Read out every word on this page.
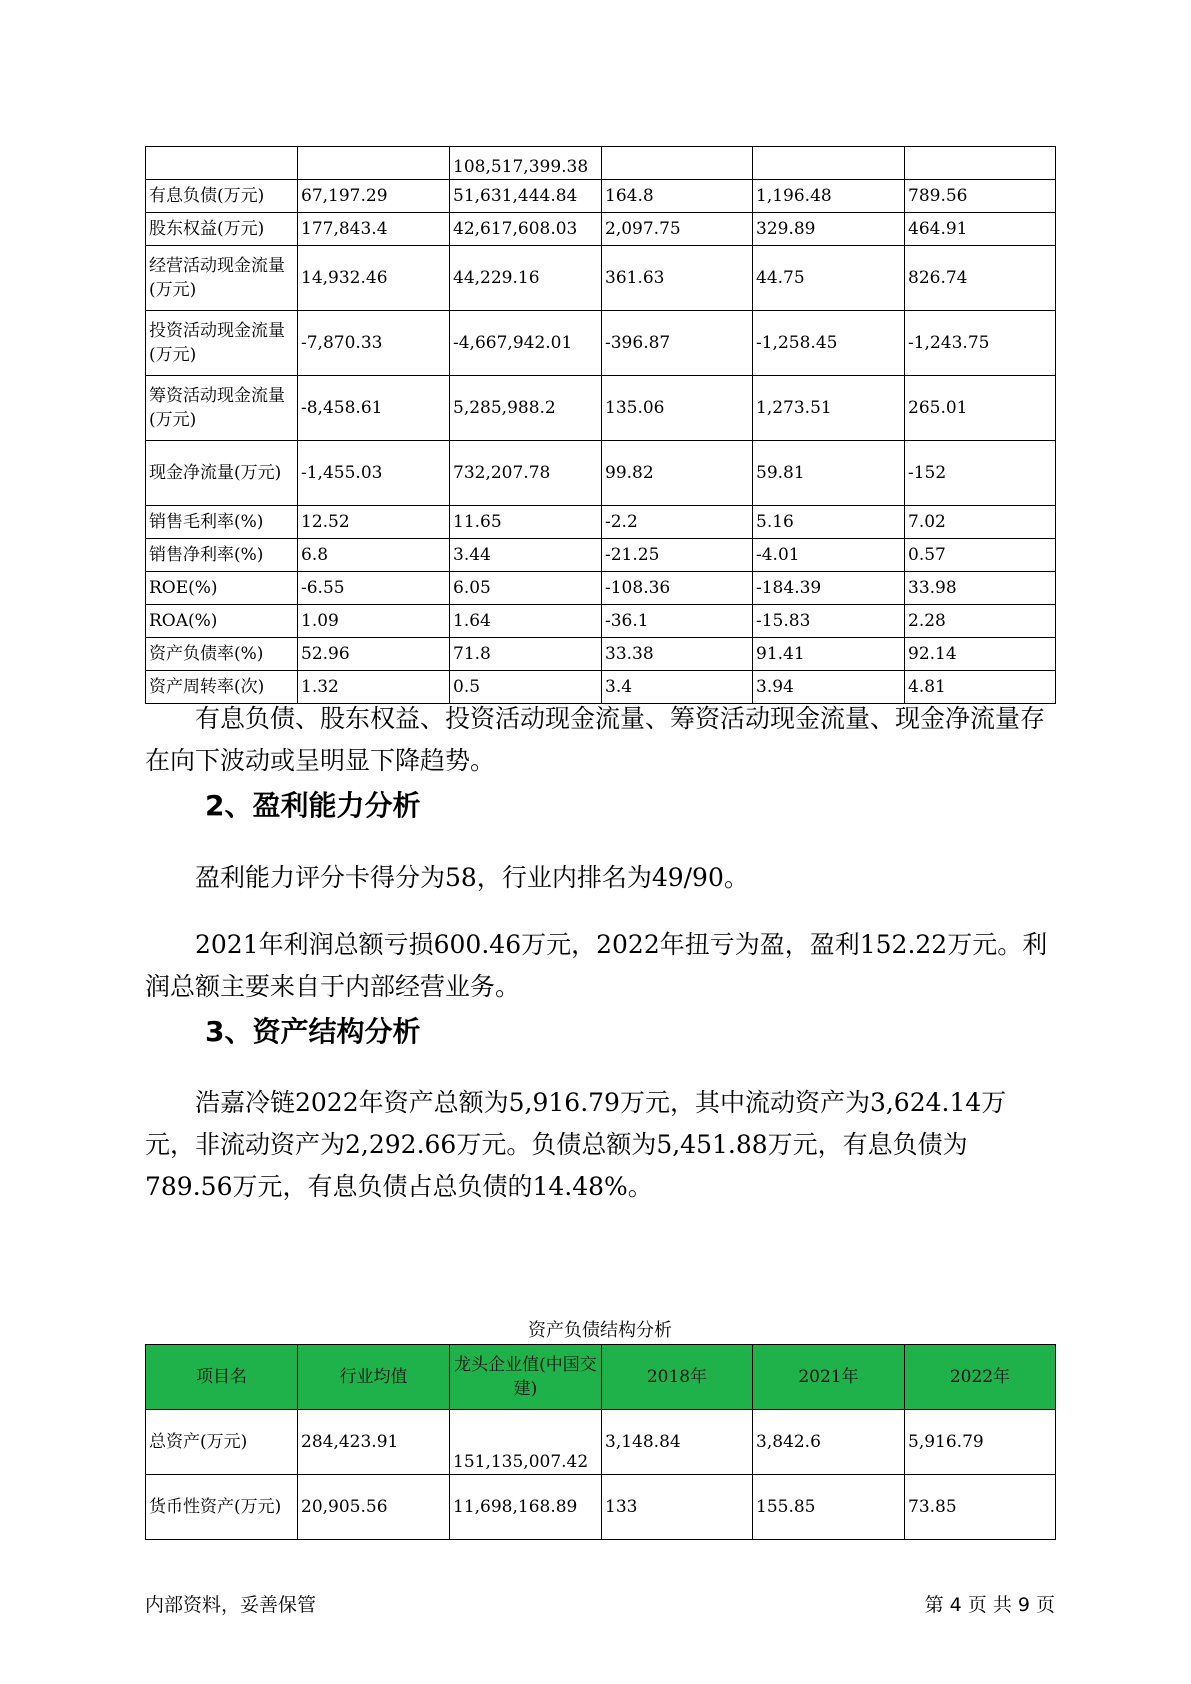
		108,517,399.38			
有息负债(万元)	67,197.29	51,631,444.84	164.8	1,196.48	789.56
股东权益(万元)	177,843.4	42,617,608.03	2,097.75	329.89	464.91
经营活动现金流量(万元)	14,932.46	44,229.16	361.63	44.75	826.74
投资活动现金流量(万元)	-7,870.33	-4,667,942.01	-396.87	-1,258.45	-1,243.75
筹资活动现金流量(万元)	-8,458.61	5,285,988.2	135.06	1,273.51	265.01
现金净流量(万元)	-1,455.03	732,207.78	99.82	59.81	-152
销售毛利率(%)	12.52	11.65	-2.2	5.16	7.02
销售净利率(%)	6.8	3.44	-21.25	-4.01	0.57
ROE(%)	-6.55	6.05	-108.36	-184.39	33.98
ROA(%)	1.09	1.64	-36.1	-15.83	2.28
资产负债率(%)	52.96	71.8	33.38	91.41	92.14
资产周转率(次)	1.32	0.5	3.4	3.94	4.81

有息负债、股东权益、投资活动现金流量、筹资活动现金流量、现金净流量存在向下波动或呈明显下降趋势。

2、盈利能力分析

盈利能力评分卡得分为58，行业内排名为49/90。

2021年利润总额亏损600.46万元，2022年扭亏为盈，盈利152.22万元。利润总额主要来自于内部经营业务。

3、资产结构分析

浩嘉冷链2022年资产总额为5,916.79万元，其中流动资产为3,624.14万元，非流动资产为2,292.66万元。负债总额为5,451.88万元，有息负债为789.56万元，有息负债占总负债的14.48%。

资产负债结构分析
项目名	行业均值	龙头企业值(中国交建)	2018年	2021年	2022年
总资产(万元)	284,423.91	151,135,007.42	3,148.84	3,842.6	5,916.79
货币性资产(万元)	20,905.56	11,698,168.89	133	155.85	73.85
内部资料，妥善保管	第 4 页 共 9 页
